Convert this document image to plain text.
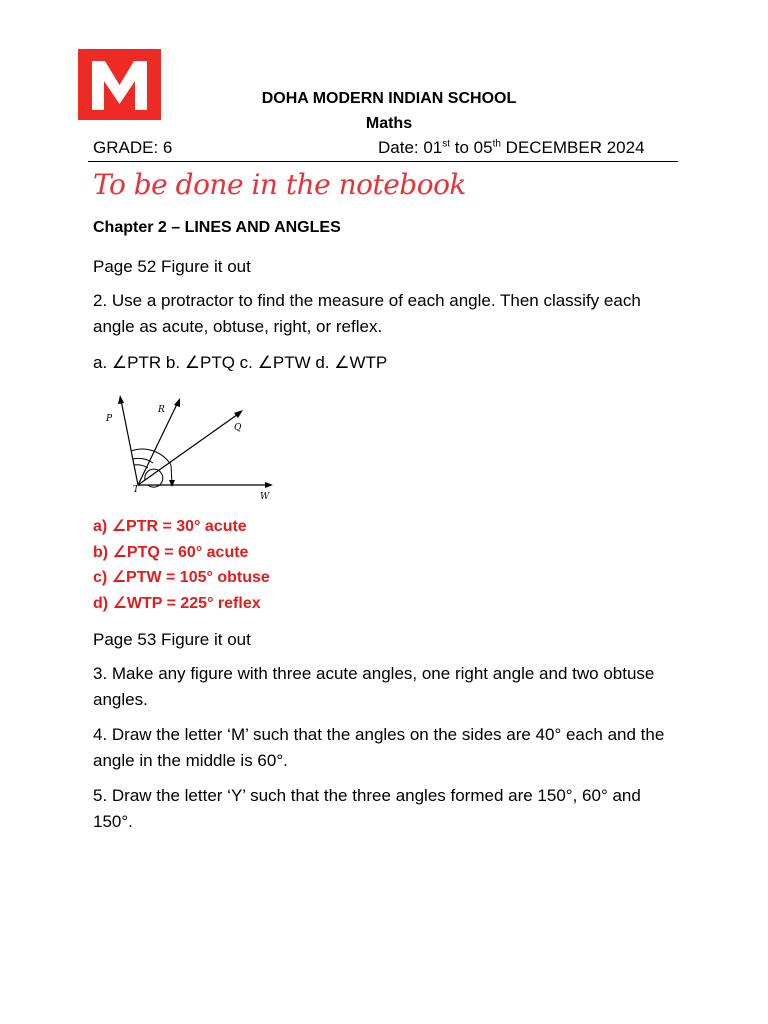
DOHA MODERN INDIAN SCHOOL
Maths
GRADE: 6	Date: 01st to 05th DECEMBER 2024
To be done in the notebook
Chapter 2 – LINES AND ANGLES
Page 52 Figure it out
2. Use a protractor to find the measure of each angle. Then classify each angle as acute, obtuse, right, or reflex.
a. ∠PTR b. ∠PTQ c. ∠PTW d. ∠WTP
P
R
Q
T
W
a) ∠PTR = 30° acute
b) ∠PTQ = 60° acute
c) ∠PTW = 105° obtuse
d) ∠WTP = 225° reflex
Page 53 Figure it out
3. Make any figure with three acute angles, one right angle and two obtuse angles.
4. Draw the letter ‘M’ such that the angles on the sides are 40° each and the angle in the middle is 60°.
5. Draw the letter ‘Y’ such that the three angles formed are 150°, 60° and 150°.
